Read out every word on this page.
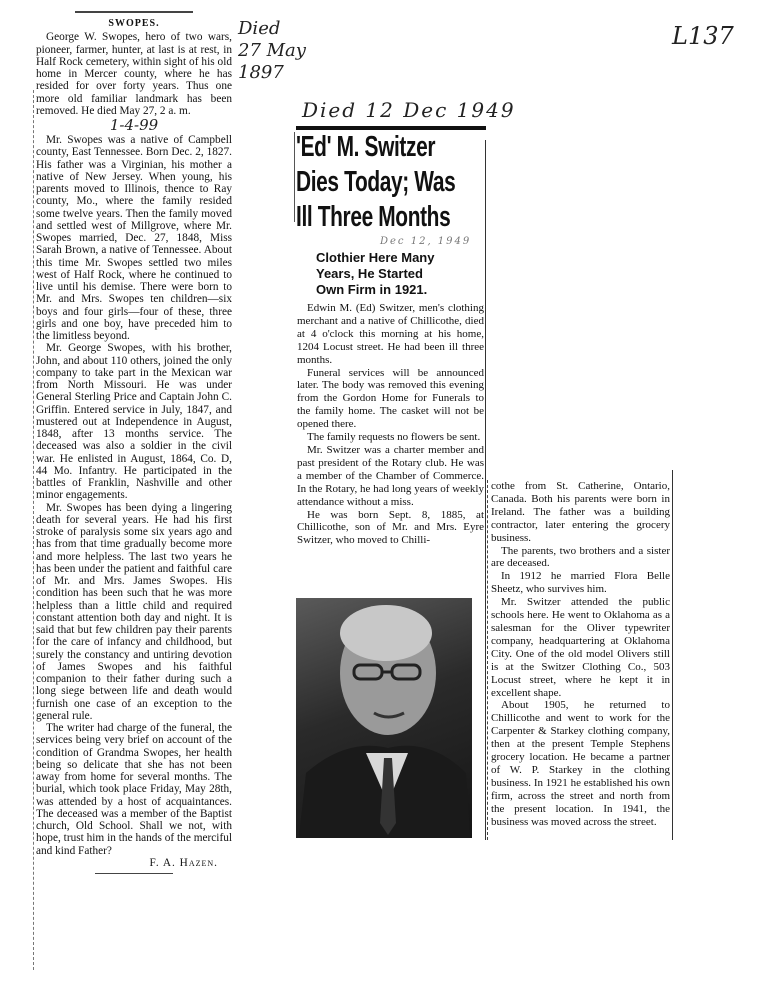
Died
27 May
1897
Died 12 Dec 1949
L137
Dec 12, 1949
SWOPES.

George W. Swopes, hero of two wars, pioneer, farmer, hunter, at last is at rest, in Half Rock cemetery, within sight of his old home in Mercer county, where he has resided for over forty years. Thus one more old familiar landmark has been removed. He died May 27, 2 a. m.

1-4-99

Mr. Swopes was a native of Campbell county, East Tennessee. Born Dec. 2, 1827. His father was a Virginian, his mother a native of New Jersey. When young, his parents moved to Illinois, thence to Ray county, Mo., where the family resided some twelve years. Then the family moved and settled west of Millgrove, where Mr. Swopes married, Dec. 27, 1848, Miss Sarah Brown, a native of Tennessee. About this time Mr. Swopes settled two miles west of Half Rock, where he continued to live until his demise. There were born to Mr. and Mrs. Swopes ten children—six boys and four girls—four of these, three girls and one boy, have preceded him to the limitless beyond.

Mr. George Swopes, with his brother, John, and about 110 others, joined the only company to take part in the Mexican war from North Missouri. He was under General Sterling Price and Captain John C. Griffin. Entered service in July, 1847, and mustered out at Independence in August, 1848, after 13 months service. The deceased was also a soldier in the civil war. He enlisted in August, 1864, Co. D, 44 Mo. Infantry. He participated in the battles of Franklin, Nashville and other minor engagements.

Mr. Swopes has been dying a lingering death for several years. He had his first stroke of paralysis some six years ago and has from that time gradually become more and more helpless. The last two years he has been under the patient and faithful care of Mr. and Mrs. James Swopes. His condition has been such that he was more helpless than a little child and required constant attention both day and night. It is said that but few children pay their parents for the care of infancy and childhood, but surely the constancy and untiring devotion of James Swopes and his faithful companion to their father during such a long siege between life and death would furnish one case of an exception to the general rule.

The writer had charge of the funeral, the services being very brief on account of the condition of Grandma Swopes, her health being so delicate that she has not been away from home for several months. The burial, which took place Friday, May 28th, was attended by a host of acquaintances. The deceased was a member of the Baptist church, Old School. Shall we not, with hope, trust him in the hands of the merciful and kind Father?

F. A. Hazen.
'Ed' M. Switzer
Dies Today; Was
Ill Three Months
Clothier Here Many
Years, He Started
Own Firm in 1921.

Edwin M. (Ed) Switzer, men's clothing merchant and a native of Chillicothe, died at 4 o'clock this morning at his home, 1204 Locust street. He had been ill three months.

Funeral services will be announced later. The body was removed this evening from the Gordon Home for Funerals to the family home. The casket will not be opened there.

The family requests no flowers be sent.

Mr. Switzer was a charter member and past president of the Rotary club. He was a member of the Chamber of Commerce. In the Rotary, he had long years of weekly attendance without a miss.

He was born Sept. 8, 1885, at Chillicothe, son of Mr. and Mrs. Eyre Switzer, who moved to Chilli-

cothe from St. Catherine, Ontario, Canada. Both his parents were born in Ireland. The father was a building contractor, later entering the grocery business.

The parents, two brothers and a sister are deceased.

In 1912 he married Flora Belle Sheetz, who survives him.

Mr. Switzer attended the public schools here. He went to Oklahoma as a salesman for the Oliver typewriter company, headquartering at Oklahoma City. One of the old model Olivers still is at the Switzer Clothing Co., 503 Locust street, where he kept it in excellent shape.

About 1905, he returned to Chillicothe and went to work for the Carpenter & Starkey clothing company, then at the present Temple Stephens grocery location. He became a partner of W. P. Starkey in the clothing business. In 1921 he established his own firm, across the street and north from the present location. In 1941, the business was moved across the street.
